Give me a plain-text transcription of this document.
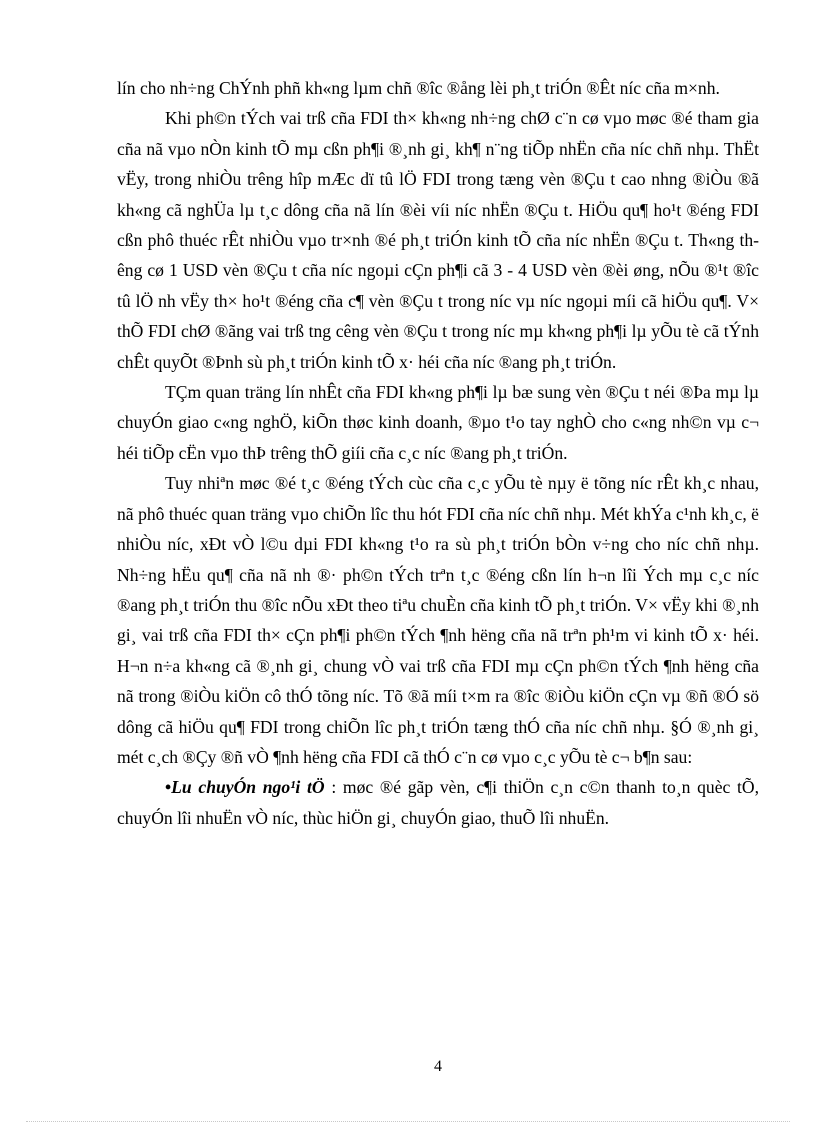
lín cho nh÷ng ChÝnh phñ kh«ng lµm chñ ®îc ®ång lèi ph¸t triÓn ®Êt níc cña m×nh.

Khi ph©n tÝch vai trß cña FDI th× kh«ng nh÷ng chØ c¨n cø vµo møc ®é tham gia cña nã vµo nÒn kinh tÕ mµ cßn ph¶i ®¸nh gi¸ kh¶ n¨ng tiÕp nhËn cña níc chñ nhµ. ThËt vËy, trong nhiÒu trêng hîp mÆc dï tû lÖ FDI trong tæng vèn ®Çu t cao nhng ®iÒu ®ã kh«ng cã nghÜa lµ t¸c dông cña nã lín ®èi víi níc nhËn ®Çu t. HiÖu qu¶ ho¹t ®éng FDI cßn phô thuéc rÊt nhiÒu vµo tr×nh ®é ph¸t triÓn kinh tÕ cña níc nhËn ®Çu t. Th«ng thêng cø 1 USD vèn ®Çu t cña níc ngoµi cÇn ph¶i cã 3 - 4 USD vèn ®èi øng, nÕu ®¹t ®îc tû lÖ nh vËy th× ho¹t ®éng cña c¶ vèn ®Çu t trong níc vµ níc ngoµi míi cã hiÖu qu¶. V× thÕ FDI chØ ®ãng vai trß tng cêng vèn ®Çu t trong níc mµ kh«ng ph¶i lµ yÕu tè cã tÝnh chÊt quyÕt ®Þnh sù ph¸t triÓn kinh tÕ x· héi cña níc ®ang ph¸t triÓn.

TÇm quan träng lín nhÊt cña FDI kh«ng ph¶i lµ bæ sung vèn ®Çu t néi ®Þa mµ lµ chuyÓn giao c«ng nghÖ, kiÕn thøc kinh doanh, ®µo t¹o tay nghÒ cho c«ng nh©n vµ c¬ héi tiÕp cËn vµo thÞ trêng thÕ giíi cña c¸c níc ®ang ph¸t triÓn.

Tuy nhiªn møc ®é t¸c ®éng tÝch cùc cña c¸c yÕu tè nµy ë tõng níc rÊt kh¸c nhau, nã phô thuéc quan träng vµo chiÕn lîc thu hót FDI cña níc chñ nhµ. Mét khÝa c¹nh kh¸c, ë nhiÒu níc, xÐt vÒ l©u dµi FDI kh«ng t¹o ra sù ph¸t triÓn bÒn v÷ng cho níc chñ nhµ. Nh÷ng hËu qu¶ cña nã nh ®· ph©n tÝch trªn t¸c ®éng cßn lín h¬n lîi Ých mµ c¸c níc ®ang ph¸t triÓn thu ®îc nÕu xÐt theo tiªu chuÈn cña kinh tÕ ph¸t triÓn. V× vËy khi ®¸nh gi¸ vai trß cña FDI th× cÇn ph¶i ph©n tÝch ¶nh hëng cña nã trªn ph¹m vi kinh tÕ x· héi. H¬n n÷a kh«ng cã ®¸nh gi¸ chung vÒ vai trß cña FDI mµ cÇn ph©n tÝch ¶nh hëng cña nã trong ®iÒu kiÖn cô thÓ tõng níc. Tõ ®ã míi t×m ra ®îc ®iÒu kiÖn cÇn vµ ®ñ ®Ó sö dông cã hiÖu qu¶ FDI trong chiÕn lîc ph¸t triÓn tæng thÓ cña níc chñ nhµ. §Ó ®¸nh gi¸ mét c¸ch ®Çy ®ñ vÒ ¶nh hëng cña FDI cã thÓ c¨n cø vµo c¸c yÕu tè c¬ b¶n sau:

•Lu chuyÓn ngo¹i tÖ : møc ®é gãp vèn, c¶i thiÖn c¸n c©n thanh to¸n quèc tÕ, chuyÓn lîi nhuËn vÒ níc, thùc hiÖn gi¸ chuyÓn giao, thuÕ lîi nhuËn.

4
